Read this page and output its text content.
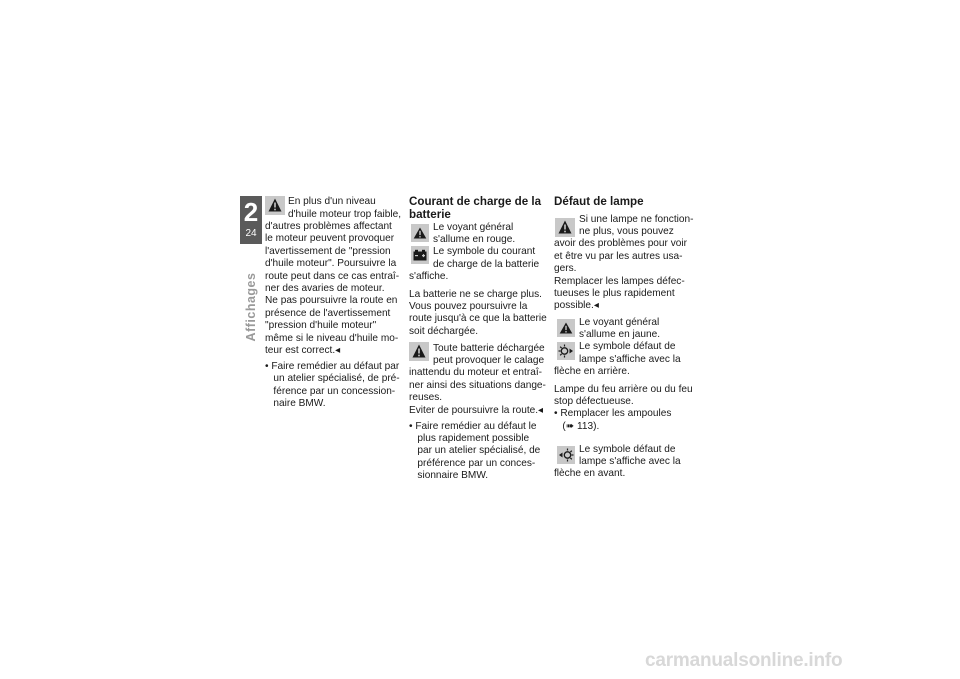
2
24
Affichages
En plus d'un niveau
d'huile moteur trop faible,
d'autres problèmes affectant
le moteur peuvent provoquer
l'avertissement de "pression
d'huile moteur". Poursuivre la
route peut dans ce cas entraî-
ner des avaries de moteur.
Ne pas poursuivre la route en
présence de l'avertissement
"pression d'huile moteur"
même si le niveau d'huile mo-
teur est correct.◂
• Faire remédier au défaut par
un atelier spécialisé, de pré-
férence par un concession-
naire BMW.
Courant de charge de la
batterie
Le voyant général
s'allume en rouge.
Le symbole du courant
de charge de la batterie
s'affiche.
La batterie ne se charge plus.
Vous pouvez poursuivre la
route jusqu'à ce que la batterie
soit déchargée.
Toute batterie déchargée
peut provoquer le calage
inattendu du moteur et entraî-
ner ainsi des situations dange-
reuses.
Eviter de poursuivre la route.◂
• Faire remédier au défaut le
plus rapidement possible
par un atelier spécialisé, de
préférence par un conces-
sionnaire BMW.
Défaut de lampe
Si une lampe ne fonction-
ne plus, vous pouvez
avoir des problèmes pour voir
et être vu par les autres usa-
gers.
Remplacer les lampes défec-
tueuses le plus rapidement
possible.◂
Le voyant général
s'allume en jaune.
Le symbole défaut de
lampe s'affiche avec la
flèche en arrière.
Lampe du feu arrière ou du feu
stop défectueuse.
• Remplacer les ampoules
(➠ 113).
Le symbole défaut de
lampe s'affiche avec la
flèche en avant.
carmanualsonline.info
